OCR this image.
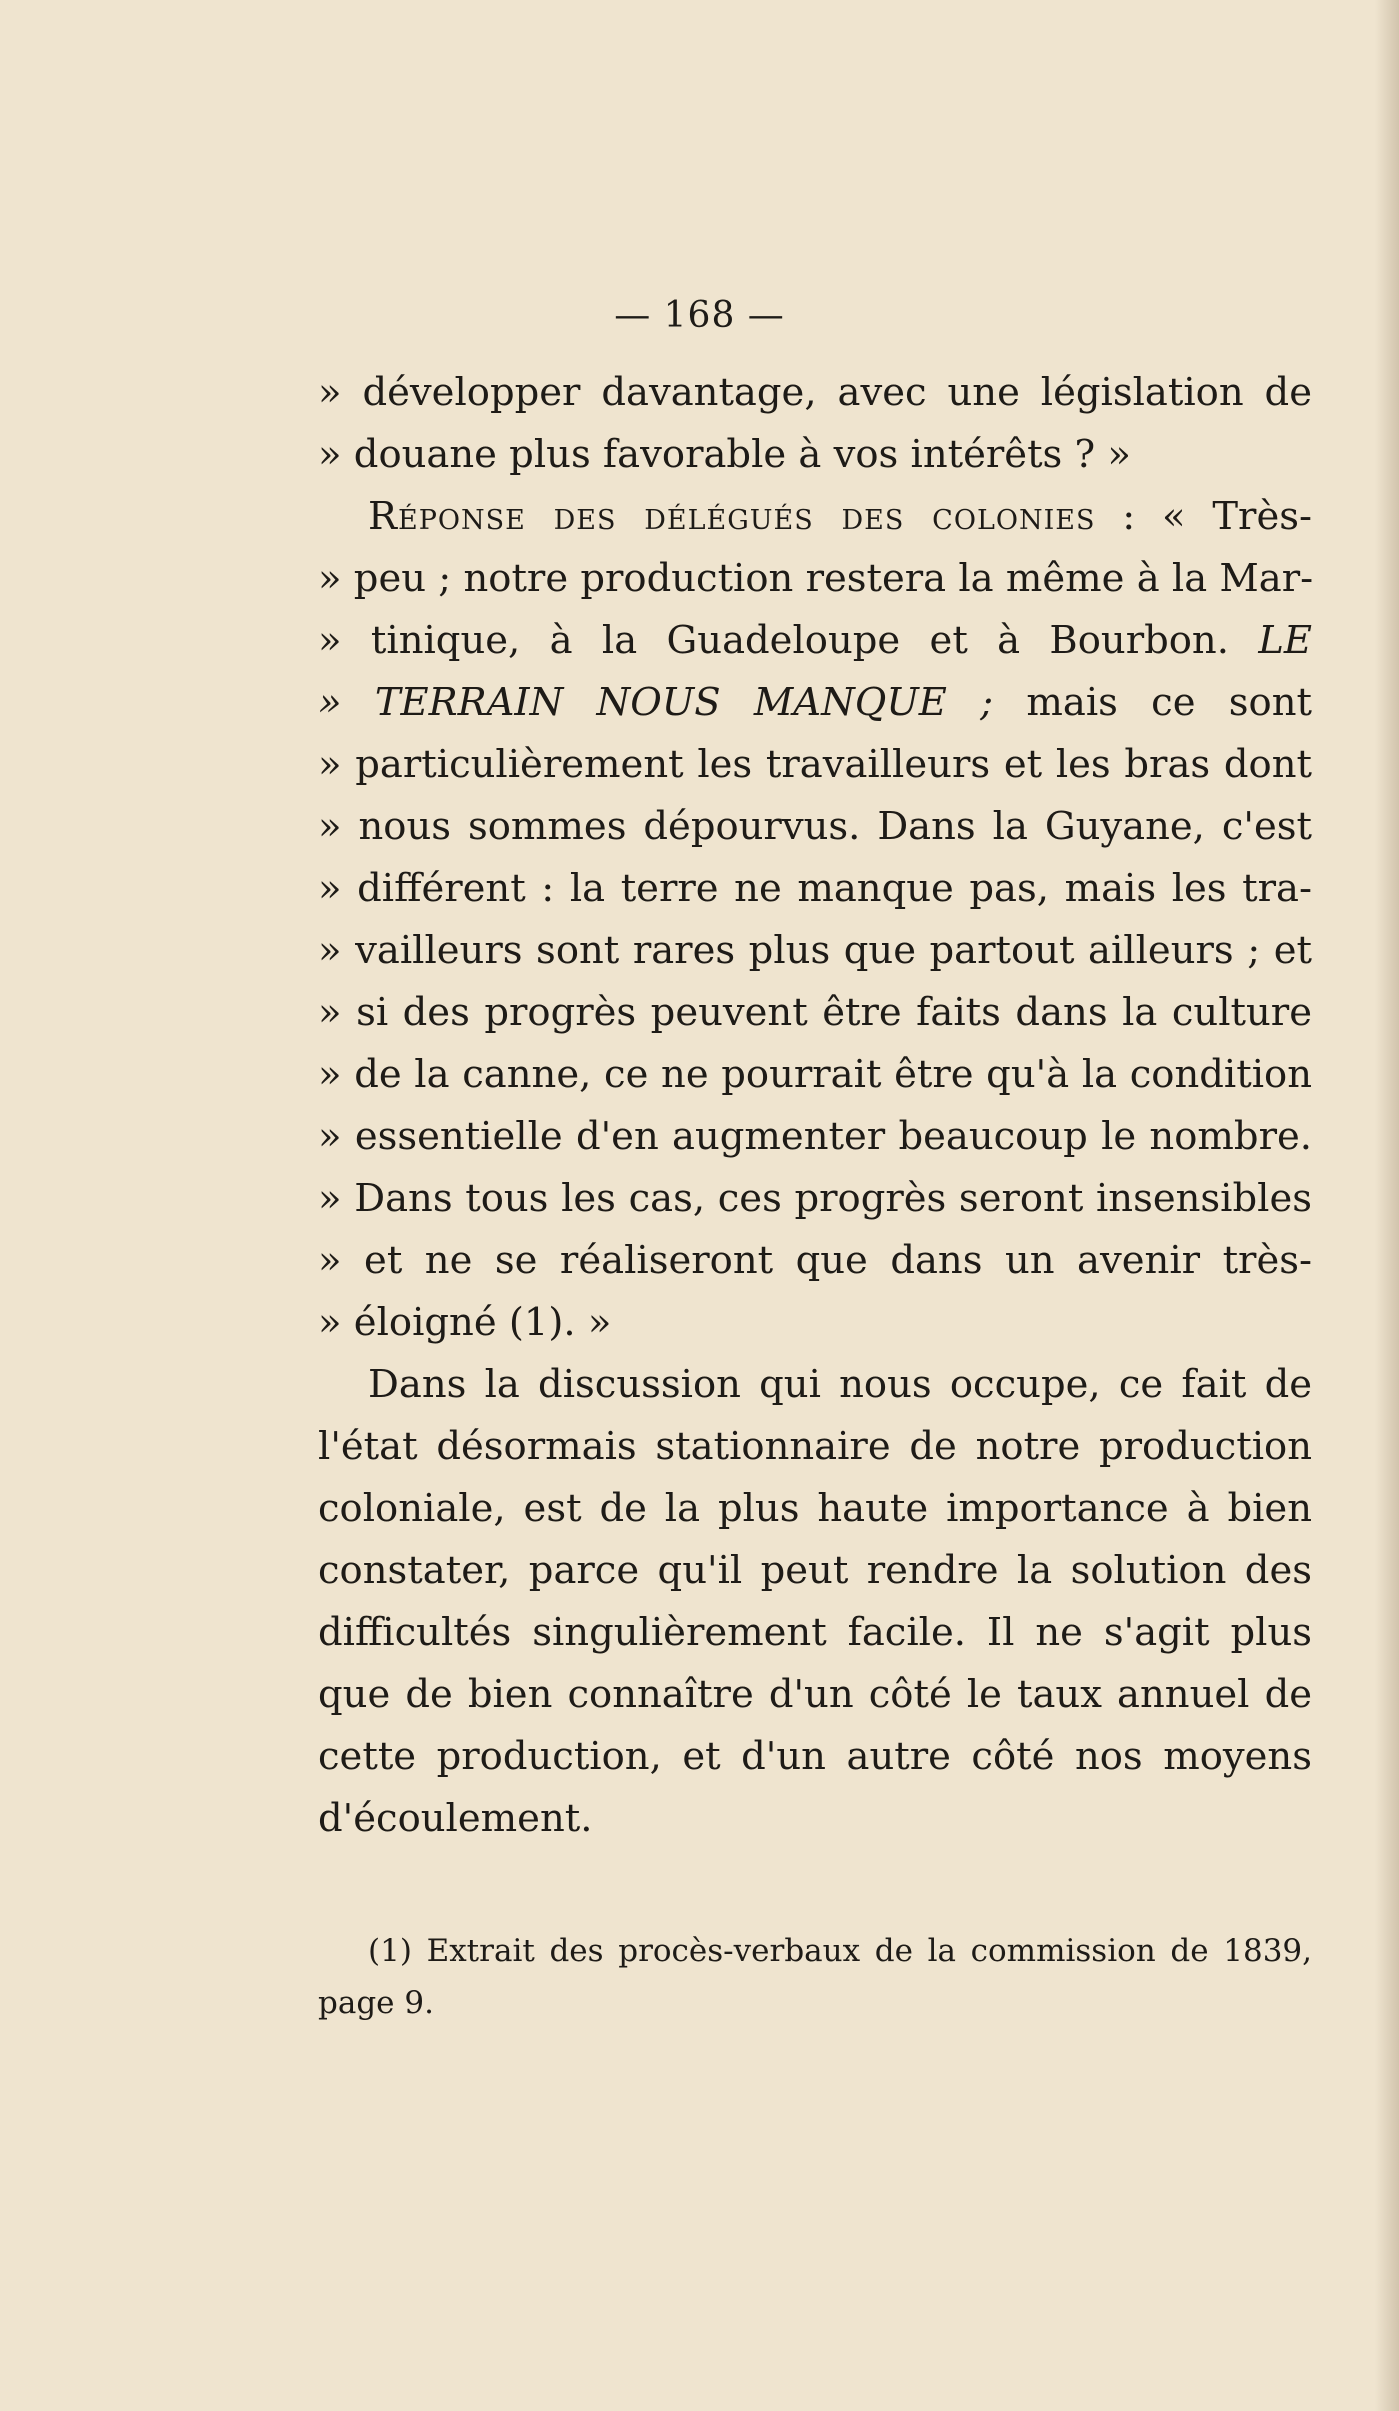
— 168 —
» développer davantage, avec une législation de
» douane plus favorable à vos intérêts ? »
Réponse des délégués des colonies : « Très-
» peu ; notre production restera la même à la Mar-
» tinique, à la Guadeloupe et à Bourbon. LE
» TERRAIN NOUS MANQUE ; mais ce sont
» particulièrement les travailleurs et les bras dont
» nous sommes dépourvus. Dans la Guyane, c'est
» différent : la terre ne manque pas, mais les tra-
» vailleurs sont rares plus que partout ailleurs ; et
» si des progrès peuvent être faits dans la culture
» de la canne, ce ne pourrait être qu'à la condition
» essentielle d'en augmenter beaucoup le nombre.
» Dans tous les cas, ces progrès seront insensibles
» et ne se réaliseront que dans un avenir très-
» éloigné (1). »
Dans la discussion qui nous occupe, ce fait de
l'état désormais stationnaire de notre production
coloniale, est de la plus haute importance à bien
constater, parce qu'il peut rendre la solution des
difficultés singulièrement facile. Il ne s'agit plus
que de bien connaître d'un côté le taux annuel de
cette production, et d'un autre côté nos moyens
d'écoulement.
(1) Extrait des procès-verbaux de la commission de 1839,
page 9.
